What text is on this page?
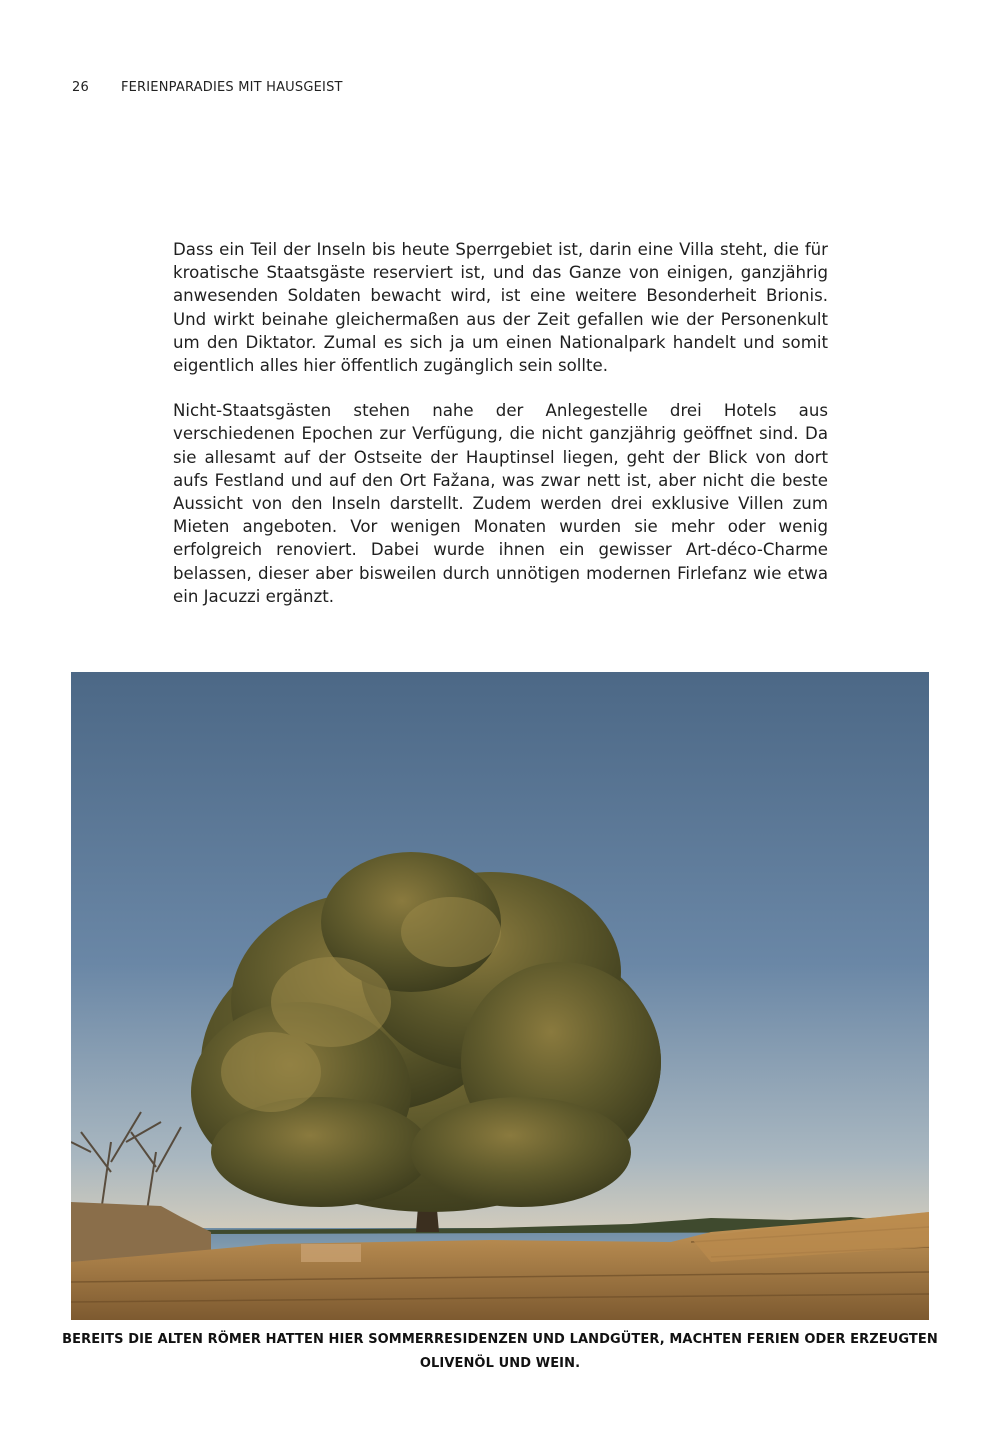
26 FERIENPARADIES MIT HAUSGEIST

Dass ein Teil der Inseln bis heute Sperrgebiet ist, darin eine Villa steht, die für kroatische Staatsgäste reserviert ist, und das Ganze von einigen, ganzjährig anwesenden Soldaten bewacht wird, ist eine weitere Besonderheit Brionis. Und wirkt beinahe gleichermaßen aus der Zeit gefallen wie der Personenkult um den Diktator. Zumal es sich ja um einen Nationalpark handelt und somit eigentlich alles hier öffentlich zugänglich sein sollte.

Nicht-Staatsgästen stehen nahe der Anlegestelle drei Hotels aus verschiedenen Epochen zur Verfügung, die nicht ganzjährig geöffnet sind. Da sie allesamt auf der Ostseite der Hauptinsel liegen, geht der Blick von dort aufs Festland und auf den Ort Fažana, was zwar nett ist, aber nicht die beste Aussicht von den Inseln darstellt. Zudem werden drei exklusive Villen zum Mieten angeboten. Vor wenigen Monaten wurden sie mehr oder wenig erfolgreich renoviert. Dabei wurde ihnen ein gewisser Art-déco-Charme belassen, dieser aber bisweilen durch unnötigen modernen Firlefanz wie etwa ein Jacuzzi ergänzt.

BEREITS DIE ALTEN RÖMER HATTEN HIER SOMMERRESIDENZEN UND LANDGÜTER, MACHTEN FERIEN ODER ERZEUGTEN OLIVENÖL UND WEIN.
